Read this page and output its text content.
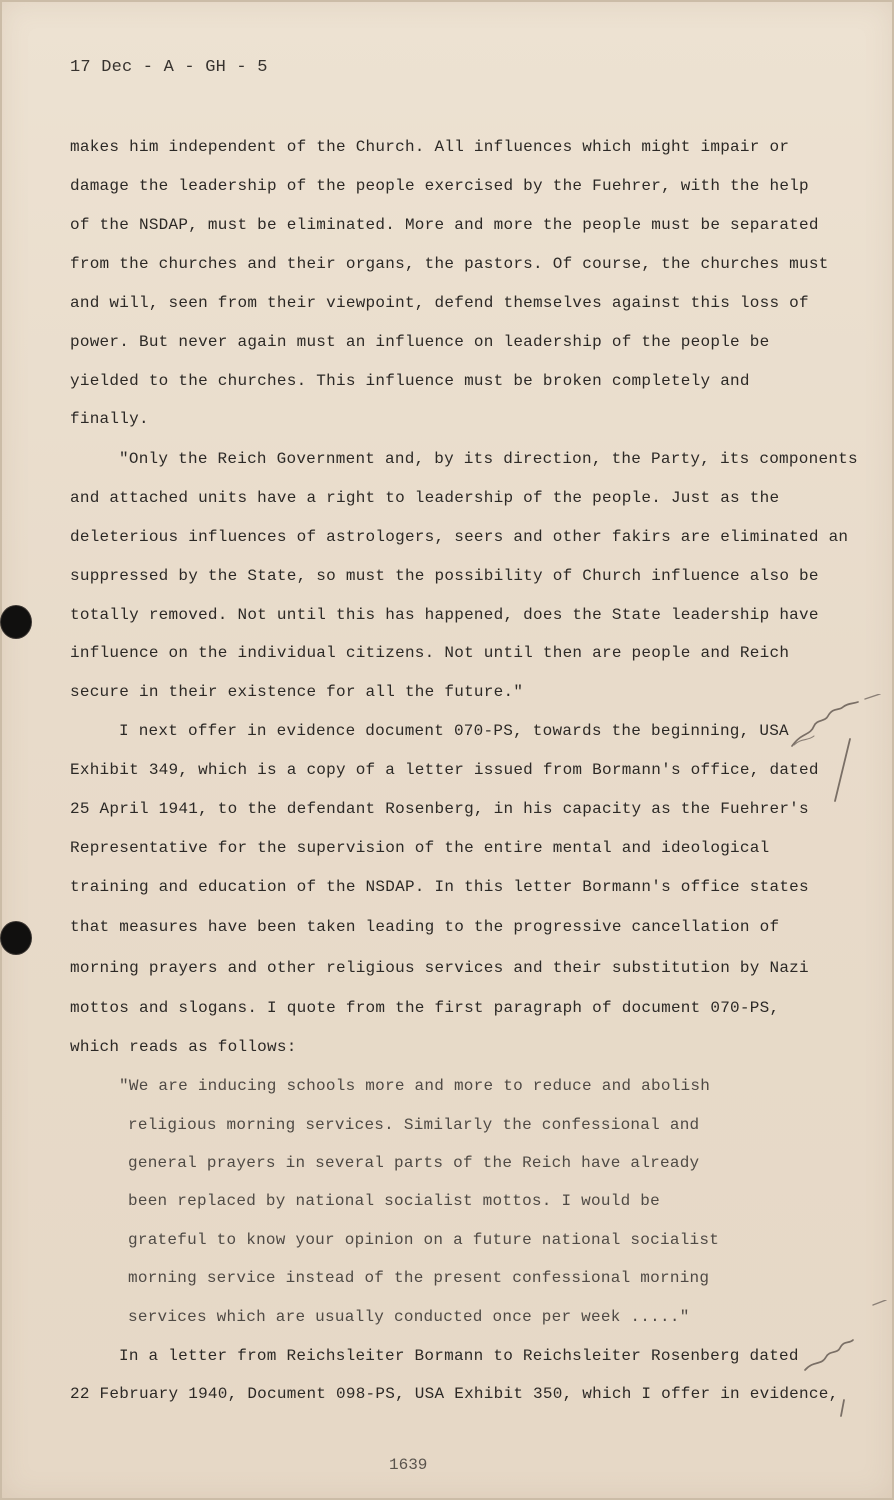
17 Dec - A - GH - 5
makes him independent of the Church. All influences which might impair or
damage the leadership of the people exercised by the Fuehrer, with the help
of the NSDAP, must be eliminated. More and more the people must be separated
from the churches and their organs, the pastors. Of course, the churches must
and will, seen from their viewpoint, defend themselves against this loss of
power. But never again must an influence on leadership of the people be
yielded to the churches. This influence must be broken completely and
finally.
"Only the Reich Government and, by its direction, the Party, its components
and attached units have a right to leadership of the people. Just as the
deleterious influences of astrologers, seers and other fakirs are eliminated an
suppressed by the State, so must the possibility of Church influence also be
totally removed. Not until this has happened, does the State leadership have
influence on the individual citizens. Not until then are people and Reich
secure in their existence for all the future."
I next offer in evidence document 070-PS, towards the beginning, USA
Exhibit 349, which is a copy of a letter issued from Bormann's office, dated
25 April 1941, to the defendant Rosenberg, in his capacity as the Fuehrer's
Representative for the supervision of the entire mental and ideological
training and education of the NSDAP. In this letter Bormann's office states
that measures have been taken leading to the progressive cancellation of
morning prayers and other religious services and their substitution by Nazi
mottos and slogans. I quote from the first paragraph of document 070-PS,
which reads as follows:
"We are inducing schools more and more to reduce and abolish
religious morning services. Similarly the confessional and
general prayers in several parts of the Reich have already
been replaced by national socialist mottos. I would be
grateful to know your opinion on a future national socialist
morning service instead of the present confessional morning
services which are usually conducted once per week ....."
In a letter from Reichsleiter Bormann to Reichsleiter Rosenberg dated
22 February 1940, Document 098-PS, USA Exhibit 350, which I offer in evidence,
1639
